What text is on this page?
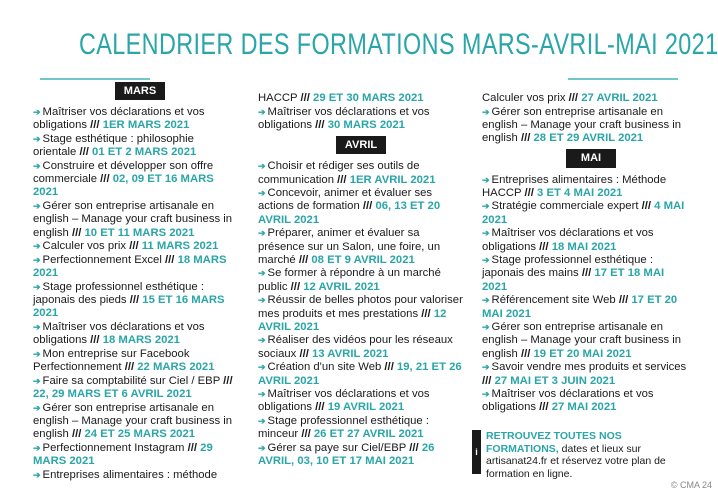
CALENDRIER DES FORMATIONS MARS-AVRIL-MAI 2021
MARS
➔ Maîtriser vos déclarations et vos obligations /// 1ER MARS 2021
➔ Stage esthétique : philosophie orientale /// 01 ET 2 MARS 2021
➔ Construire et développer son offre commerciale /// 02, 09 ET 16 MARS 2021
➔ Gérer son entreprise artisanale en english – Manage your craft business in english /// 10 ET 11 MARS 2021
➔ Calculer vos prix /// 11 MARS 2021
➔ Perfectionnement Excel /// 18 MARS 2021
➔ Stage professionnel esthétique : japonais des pieds /// 15 ET 16 MARS 2021
➔ Maîtriser vos déclarations et vos obligations /// 18 MARS 2021
➔ Mon entreprise sur Facebook Perfectionnement /// 22 MARS 2021
➔ Faire sa comptabilité sur Ciel / EBP /// 22, 29 MARS ET 6 AVRIL 2021
➔ Gérer son entreprise artisanale en english – Manage your craft business in english /// 24 ET 25 MARS 2021
➔ Perfectionnement Instagram /// 29 MARS 2021
➔ Entreprises alimentaires : méthode
HACCP /// 29 ET 30 MARS 2021
➔ Maîtriser vos déclarations et vos obligations /// 30 MARS 2021
AVRIL
➔ Choisir et rédiger ses outils de communication /// 1ER AVRIL 2021
➔ Concevoir, animer et évaluer ses actions de formation /// 06, 13 ET 20 AVRIL 2021
➔ Préparer, animer et évaluer sa présence sur un Salon, une foire, un marché /// 08 ET 9 AVRIL 2021
➔ Se former à répondre à un marché public /// 12 AVRIL 2021
➔ Réussir de belles photos pour valoriser mes produits et mes prestations /// 12 AVRIL 2021
➔ Réaliser des vidéos pour les réseaux sociaux /// 13 AVRIL 2021
➔ Création d'un site Web /// 19, 21 ET 26 AVRIL 2021
➔ Maîtriser vos déclarations et vos obligations /// 19 AVRIL 2021
➔ Stage professionnel esthétique : minceur /// 26 ET 27 AVRIL 2021
➔ Gérer sa paye sur Ciel/EBP /// 26 AVRIL, 03, 10 ET 17 MAI 2021
Calculer vos prix /// 27 AVRIL 2021
➔ Gérer son entreprise artisanale en english – Manage your craft business in english /// 28 ET 29 AVRIL 2021
MAI
➔ Entreprises alimentaires : Méthode HACCP /// 3 ET 4 MAI 2021
➔ Stratégie commerciale expert /// 4 MAI 2021
➔ Maîtriser vos déclarations et vos obligations /// 18 MAI 2021
➔ Stage professionnel esthétique : japonais des mains /// 17 ET 18 MAI 2021
➔ Référencement site Web /// 17 ET 20 MAI 2021
➔ Gérer son entreprise artisanale en english – Manage your craft business in english /// 19 ET 20 MAI 2021
➔ Savoir vendre mes produits et services /// 27 MAI ET 3 JUIN 2021
➔ Maîtriser vos déclarations et vos obligations /// 27 MAI 2021
i
RETROUVEZ TOUTES NOS FORMATIONS, dates et lieux sur artisanat24.fr et réservez votre plan de formation en ligne.
© CMA 24
